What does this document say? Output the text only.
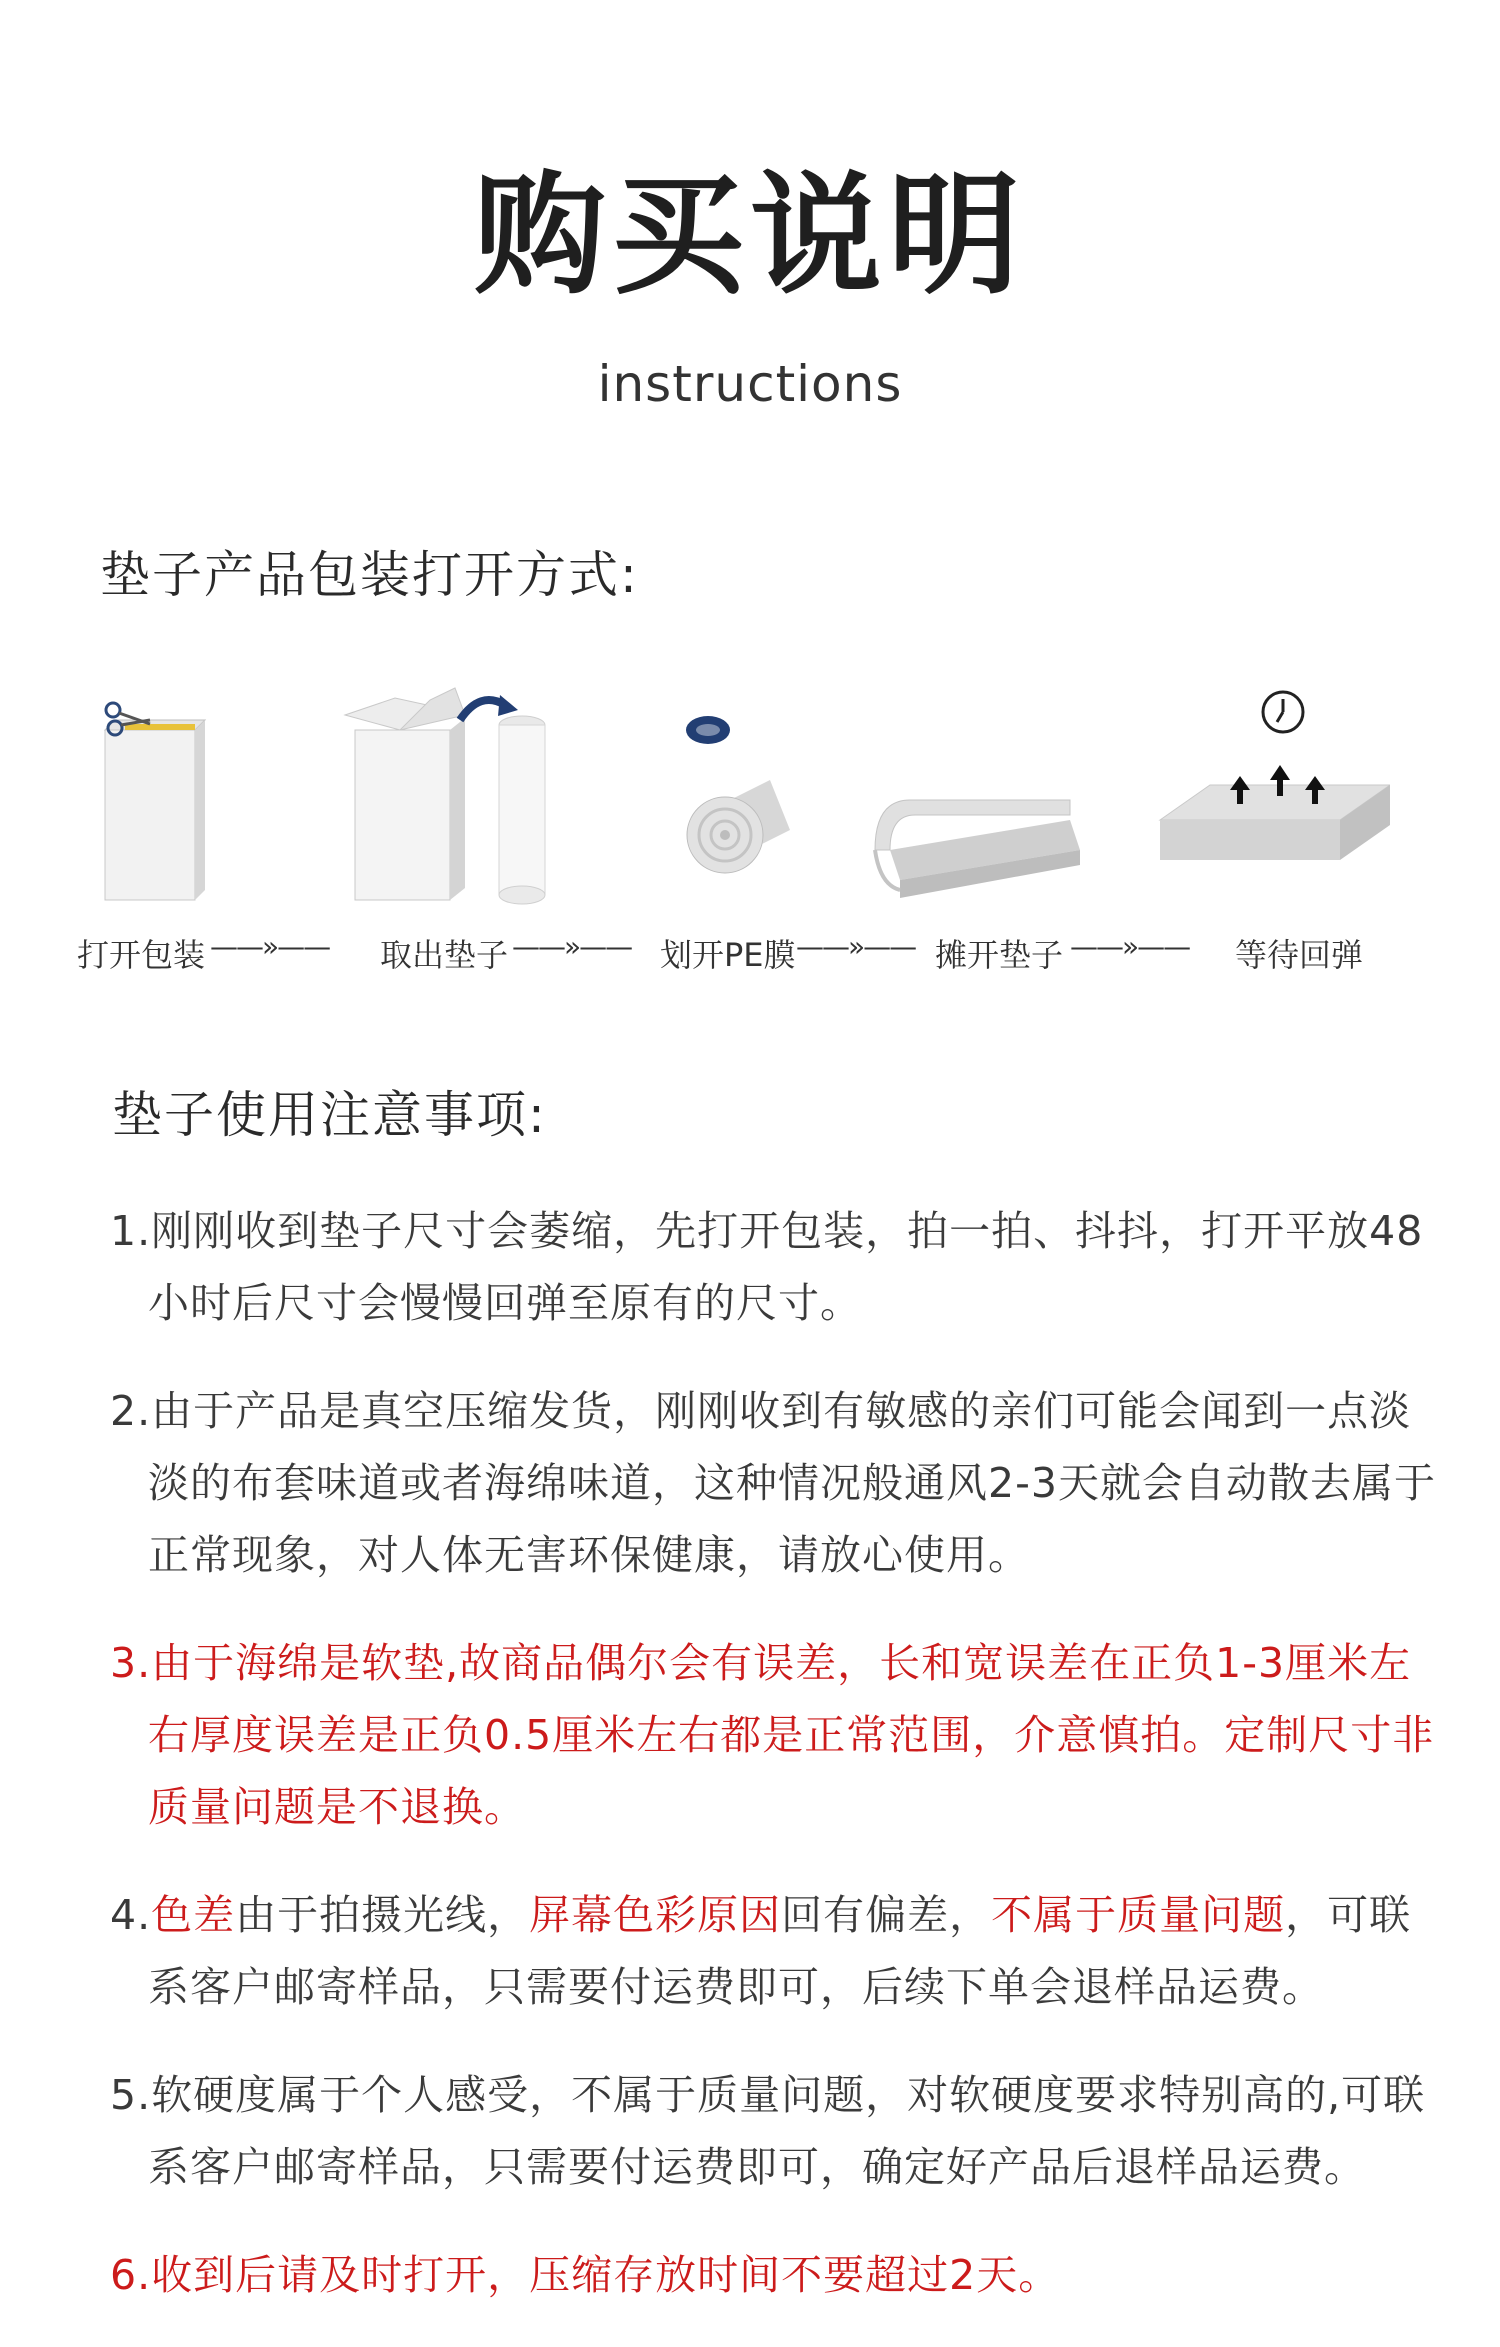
购买说明
instructions
垫子产品包装打开方式:
打开包装 ——»—— 取出垫子 ——»—— 划开PE膜 ——»—— 摊开垫子 ——»—— 等待回弹
垫子使用注意事项:
1.刚刚收到垫子尺寸会萎缩，先打开包装，拍一拍、抖抖，打开平放48小时后尺寸会慢慢回弹至原有的尺寸。
2.由于产品是真空压缩发货，刚刚收到有敏感的亲们可能会闻到一点淡淡的布套味道或者海绵味道，这种情况般通风2-3天就会自动散去属于正常现象，对人体无害环保健康，请放心使用。
3.由于海绵是软垫,故商品偶尔会有误差，长和宽误差在正负1-3厘米左右厚度误差是正负0.5厘米左右都是正常范围，介意慎拍。定制尺寸非质量问题是不退换。
4.色差由于拍摄光线，屏幕色彩原因回有偏差，不属于质量问题，可联系客户邮寄样品，只需要付运费即可，后续下单会退样品运费。
5.软硬度属于个人感受，不属于质量问题，对软硬度要求特别高的,可联系客户邮寄样品，只需要付运费即可，确定好产品后退样品运费。
6.收到后请及时打开，压缩存放时间不要超过2天。
